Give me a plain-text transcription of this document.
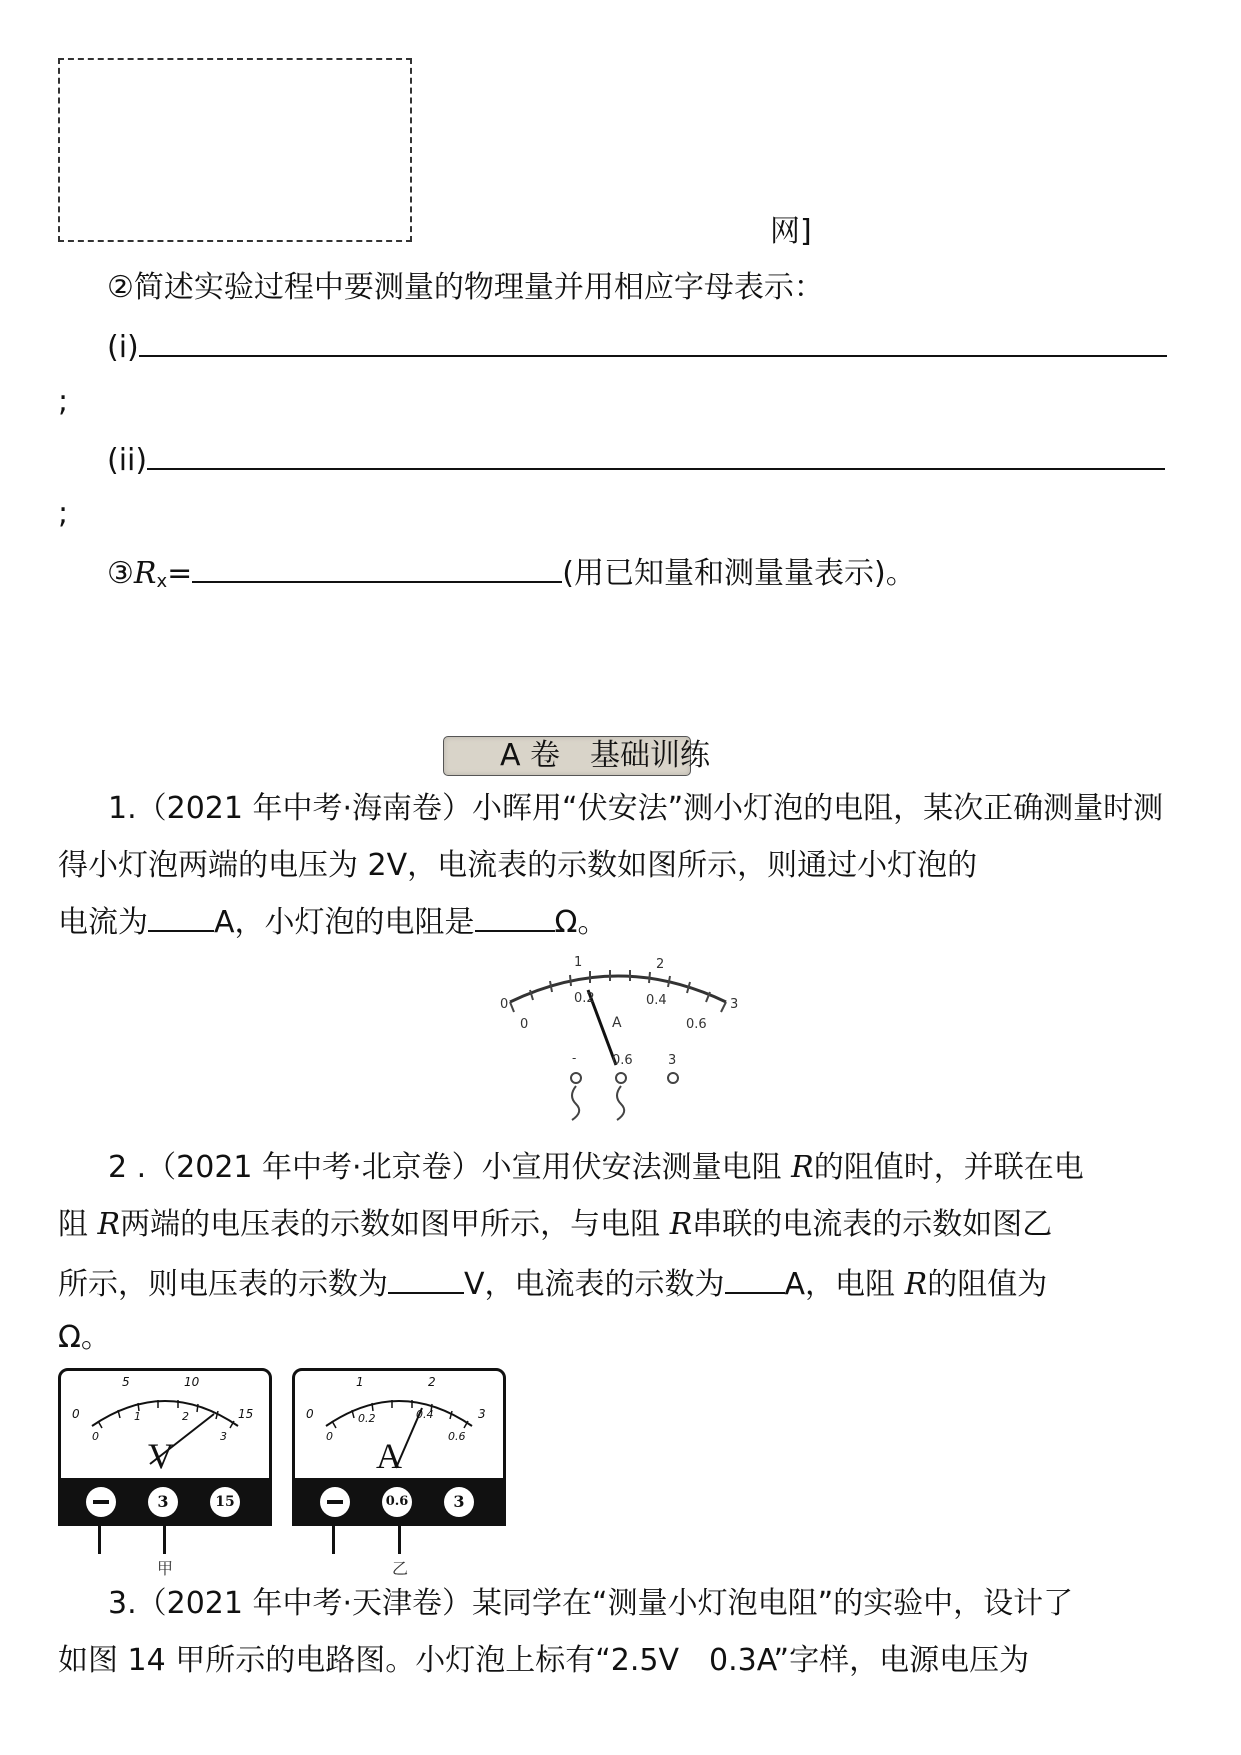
网]
②简述实验过程中要测量的物理量并用相应字母表示：
(i)
;
(ii)
;
$③R_x=$	(用已知量和测量量表示)。
A 卷　基础训练
1.（2021 年中考·海南卷）小晖用“伏安法”测小灯泡的电阻，某次正确测量时测得小灯泡两端的电压为 2V，电流表的示数如图所示，则通过小灯泡的
电流为 A，小灯泡的电阻是	Ω。
0
1	2
3
0
0.2	0.4
0.6
A
-	0.6	3
2 .（2021 年中考·北京卷）小宣用伏安法测量电阻 R的阻值时，并联在电
阻 R两端的电压表的示数如图甲所示，与电阻 R串联的电流表的示数如图乙
所示，则电压表的示数为	V，电流表的示数为 A，电阻 R的阻值为
Ω。
0
5	10
15
0
1	2
3
V
3	15
甲
0
1	2
3
0
0.2	0.4
0.6
A
0.6	3
乙
3.（2021 年中考·天津卷）某同学在“测量小灯泡电阻”的实验中，设计了
如图 14 甲所示的电路图。小灯泡上标有“2.5V　0.3A”字样，电源电压为
